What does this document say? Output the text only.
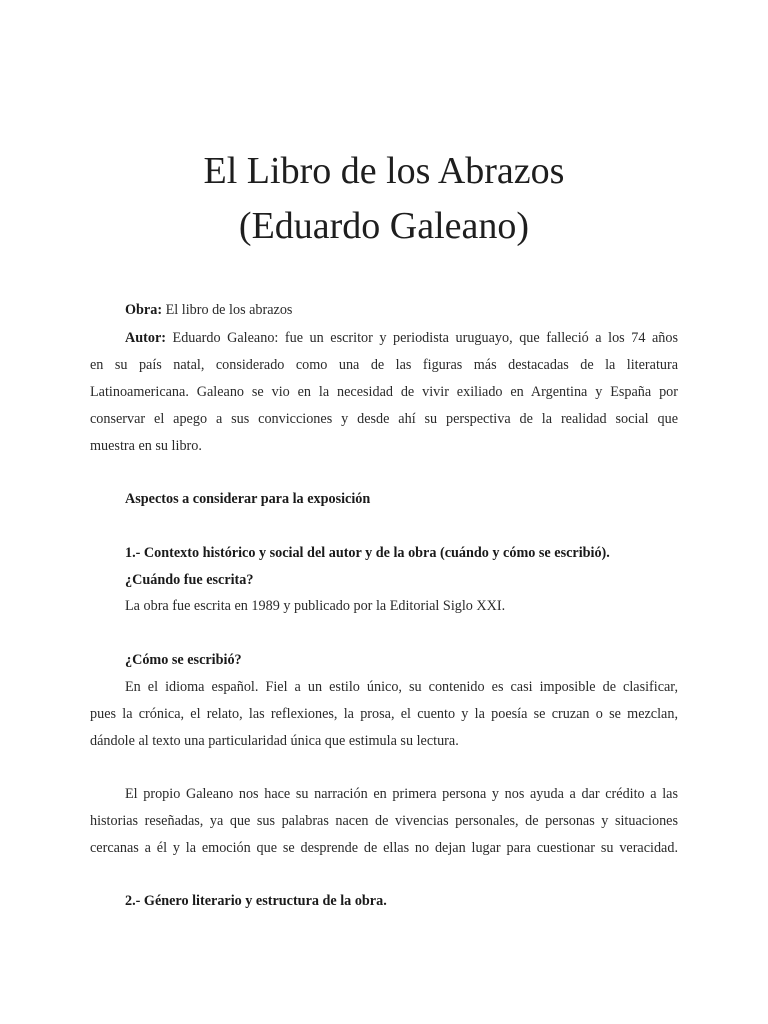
El Libro de los Abrazos
(Eduardo Galeano)
Obra: El libro de los abrazos
Autor: Eduardo Galeano: fue un escritor y periodista uruguayo, que falleció a los 74 años
en su país natal, considerado como una de las figuras más destacadas de la literatura
Latinoamericana. Galeano se vio en la necesidad de vivir exiliado en Argentina y España por
conservar el apego a sus convicciones y desde ahí su perspectiva de la realidad social que
muestra en su libro.
Aspectos a considerar para la exposición
1.- Contexto histórico y social del autor y de la obra (cuándo y cómo se escribió).
¿Cuándo fue escrita?
La obra fue escrita en 1989 y publicado por la Editorial Siglo XXI.
¿Cómo se escribió?
En el idioma español. Fiel a un estilo único, su contenido es casi imposible de clasificar,
pues la crónica, el relato, las reflexiones, la prosa, el cuento y la poesía se cruzan o se mezclan,
dándole al texto una particularidad única que estimula su lectura.
El propio Galeano nos hace su narración en primera persona y nos ayuda a dar crédito a las
historias reseñadas, ya que sus palabras nacen de vivencias personales, de personas y situaciones
cercanas a él y la emoción que se desprende de ellas no dejan lugar para cuestionar su veracidad.
2.- Género literario y estructura de la obra.
